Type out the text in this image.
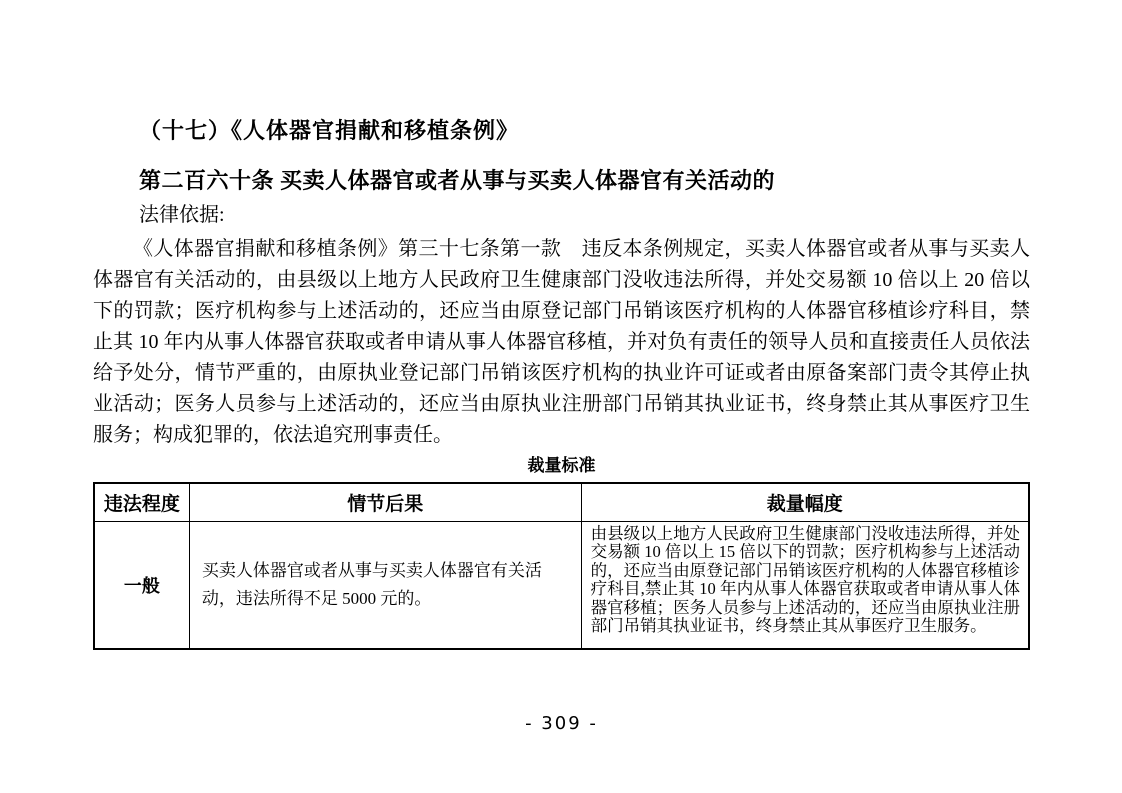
（十七）《人体器官捐献和移植条例》
第二百六十条 买卖人体器官或者从事与买卖人体器官有关活动的
法律依据:
《人体器官捐献和移植条例》第三十七条第一款　违反本条例规定，买卖人体器官或者从事与买卖人体器官有关活动的，由县级以上地方人民政府卫生健康部门没收违法所得，并处交易额 10 倍以上 20 倍以下的罚款；医疗机构参与上述活动的，还应当由原登记部门吊销该医疗机构的人体器官移植诊疗科目，禁止其 10 年内从事人体器官获取或者申请从事人体器官移植，并对负有责任的领导人员和直接责任人员依法给予处分，情节严重的，由原执业登记部门吊销该医疗机构的执业许可证或者由原备案部门责令其停止执业活动；医务人员参与上述活动的，还应当由原执业注册部门吊销其执业证书，终身禁止其从事医疗卫生服务；构成犯罪的，依法追究刑事责任。
裁量标准
违法程度	情节后果	裁量幅度
一般	买卖人体器官或者从事与买卖人体器官有关活动，违法所得不足 5000 元的。	由县级以上地方人民政府卫生健康部门没收违法所得，并处交易额 10 倍以上 15 倍以下的罚款；医疗机构参与上述活动的，还应当由原登记部门吊销该医疗机构的人体器官移植诊疗科目,禁止其 10 年内从事人体器官获取或者申请从事人体器官移植；医务人员参与上述活动的，还应当由原执业注册部门吊销其执业证书，终身禁止其从事医疗卫生服务。
- 309 -
